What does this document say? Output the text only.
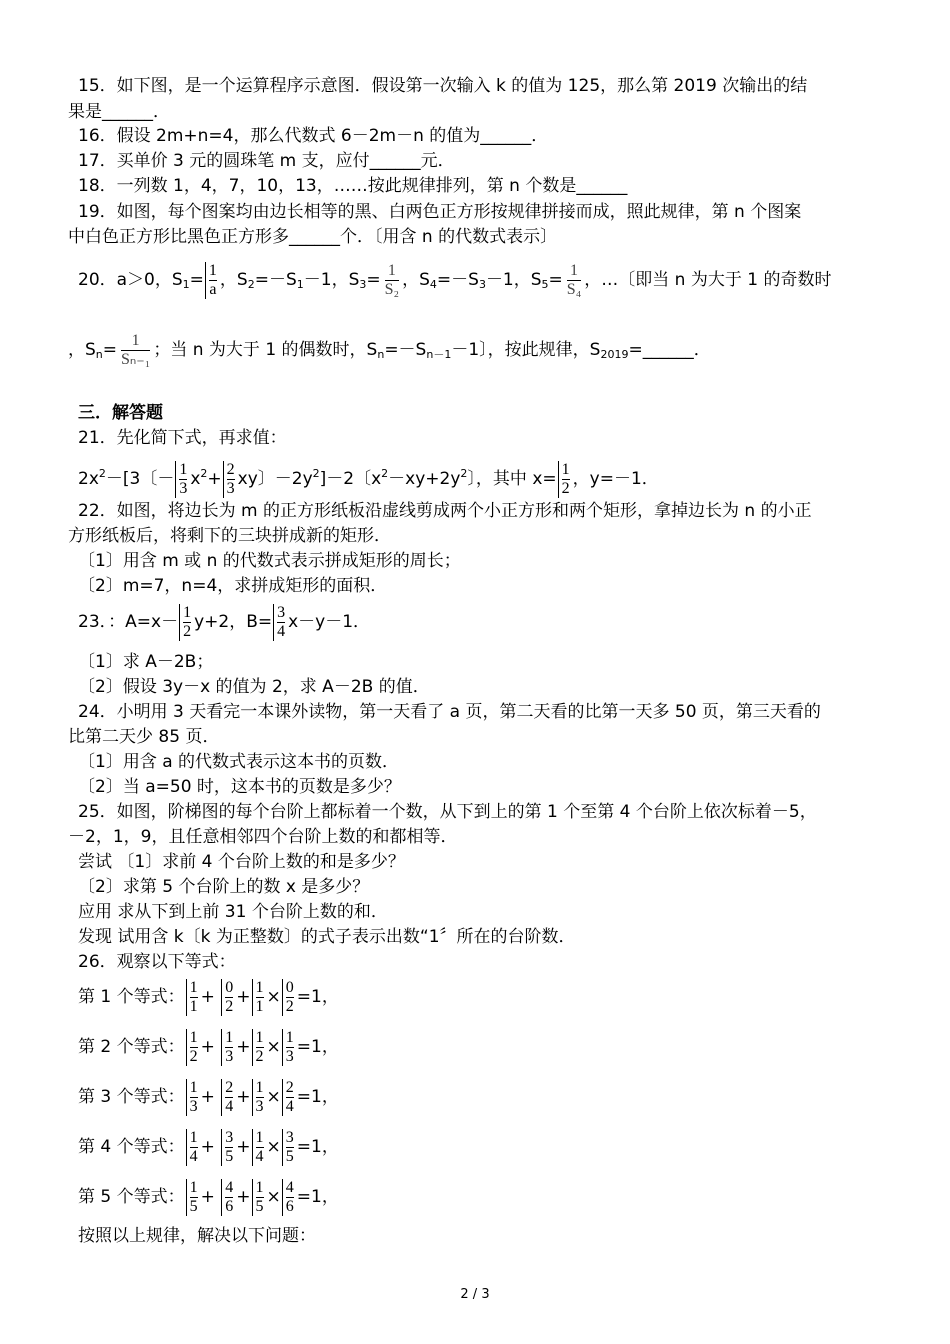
15．如下图，是一个运算程序示意图．假设第一次输入 k 的值为 125，那么第 2019 次输出的结
果是______．
16．假设 2m+n=4，那么代数式 6－2m－n 的值为______．
17．买单价 3 元的圆珠笔 m 支，应付______元．
18．一列数 1，4，7，10，13，……按此规律排列，第 n 个数是______
19．如图，每个图案均由边长相等的黑、白两色正方形按规律拼接而成，照此规律，第 n 个图案
中白色正方形比黑色正方形多______个．〔用含 n 的代数式表示〕
20．a＞0，$S_1= \frac{1}{a}$ ，$S_2=-S_1-1$，$S_3= \frac{1}{\text{S₂}}$ ，$S_4=-S_3-1$，$S_5= \frac{1}{\text{S₄}}$ ，…〔即当 n 为大于 1 的奇数时
，$S_n= \frac{1}{\text{Sₙ₋₁}}$ ；当 n 为大于 1 的偶数时，$S_n=-S_{n-1}-1$〕，按此规律，$S_{2019}=\_\_\_\_\_\_$．
三．解答题
21．先化简下式，再求值：
$2x^2-[3$〔－ $\frac{1}{3} x^2+ \frac{2}{3}$ xy〕$-2y^2]-2$〔$x^2-xy+2y^2$〕，其中 $x= \frac{1}{2}$ ，y=－1．
22．如图，将边长为 m 的正方形纸板沿虚线剪成两个小正方形和两个矩形，拿掉边长为 n 的小正
方形纸板后，将剩下的三块拼成新的矩形．
〔1〕用含 m 或 n 的代数式表示拼成矩形的周长；
〔2〕m=7，n=4，求拼成矩形的面积．
23．：$A=x- \frac{1}{2} y+2$，$B= \frac{3}{4} x-y-1$．
〔1〕求 A－2B；
〔2〕假设 3y－x 的值为 2，求 A－2B 的值．
24．小明用 3 天看完一本课外读物，第一天看了 a 页，第二天看的比第一天多 50 页，第三天看的
比第二天少 85 页．
〔1〕用含 a 的代数式表示这本书的页数．
〔2〕当 a=50 时，这本书的页数是多少？
25．如图，阶梯图的每个台阶上都标着一个数，从下到上的第 1 个至第 4 个台阶上依次标着－5，
－2，1，9，且任意相邻四个台阶上数的和都相等．
尝试 〔1〕求前 4 个台阶上数的和是多少？
〔2〕求第 5 个台阶上的数 x 是多少？
应用 求从下到上前 31 个台阶上数的和．
发现 试用含 k〔k 为正整数〕的式子表示出数“1〞所在的台阶数．
26．观察以下等式：
第 1 个等式： $\frac{1}{1} + \frac{0}{2} + \frac{1}{1} \times \frac{0}{2} =1$，
第 2 个等式： $\frac{1}{2} + \frac{1}{3} + \frac{1}{2} \times \frac{1}{3} =1$，
第 3 个等式： $\frac{1}{3} + \frac{2}{4} + \frac{1}{3} \times \frac{2}{4} =1$，
第 4 个等式： $\frac{1}{4} + \frac{3}{5} + \frac{1}{4} \times \frac{3}{5} =1$，
第 5 个等式： $\frac{1}{5} + \frac{4}{6} + \frac{1}{5} \times \frac{4}{6} =1$，
按照以上规律，解决以下问题：
2 / 3
